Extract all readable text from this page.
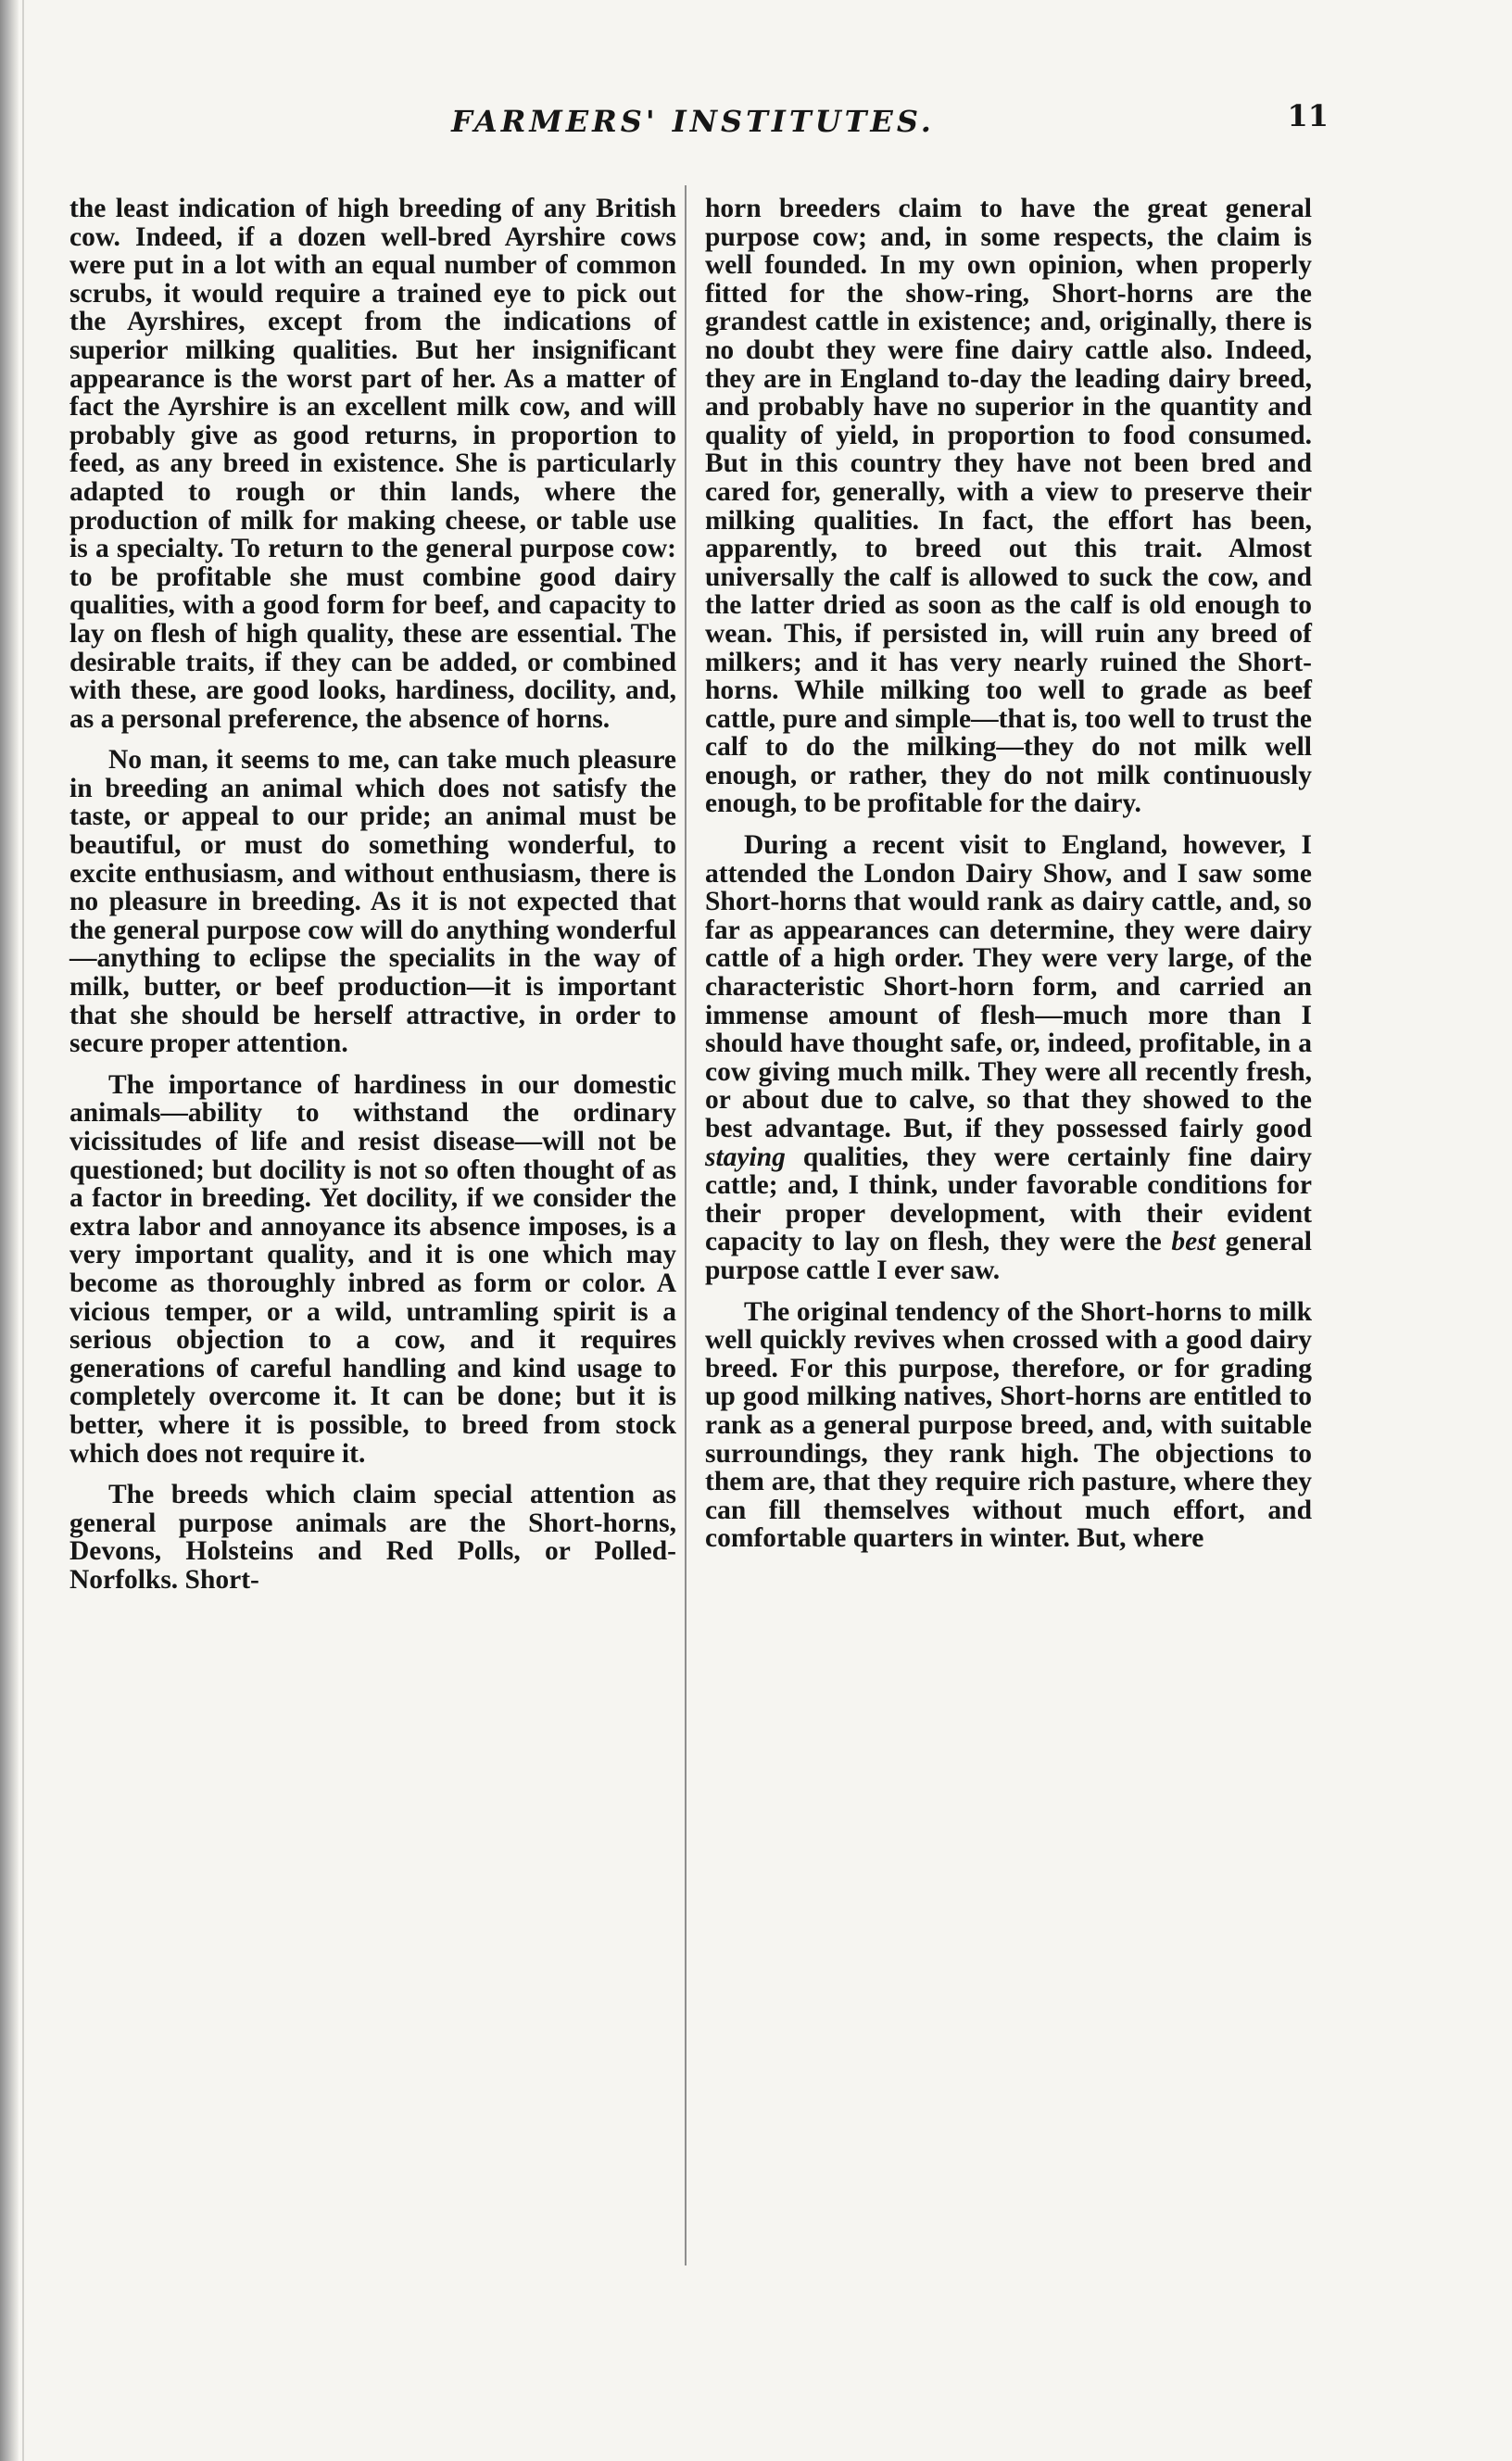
FARMERS' INSTITUTES.	11

the least indication of high breeding of any British cow. Indeed, if a dozen well-bred Ayrshire cows were put in a lot with an equal number of common scrubs, it would require a trained eye to pick out the Ayrshires, except from the indications of superior milking qualities. But her insignificant appearance is the worst part of her. As a matter of fact the Ayrshire is an excellent milk cow, and will probably give as good returns, in proportion to feed, as any breed in existence. She is particularly adapted to rough or thin lands, where the production of milk for making cheese, or table use is a specialty. To return to the general purpose cow: to be profitable she must combine good dairy qualities, with a good form for beef, and capacity to lay on flesh of high quality, these are essential. The desirable traits, if they can be added, or combined with these, are good looks, hardiness, docility, and, as a personal preference, the absence of horns.

No man, it seems to me, can take much pleasure in breeding an animal which does not satisfy the taste, or appeal to our pride; an animal must be beautiful, or must do something wonderful, to excite enthusiasm, and without enthusiasm, there is no pleasure in breeding. As it is not expected that the general purpose cow will do anything wonderful—anything to eclipse the specialits in the way of milk, butter, or beef production—it is important that she should be herself attractive, in order to secure proper attention.

The importance of hardiness in our domestic animals—ability to withstand the ordinary vicissitudes of life and resist disease—will not be questioned; but docility is not so often thought of as a factor in breeding. Yet docility, if we consider the extra labor and annoyance its absence imposes, is a very important quality, and it is one which may become as thoroughly inbred as form or color. A vicious temper, or a wild, untramling spirit is a serious objection to a cow, and it requires generations of careful handling and kind usage to completely overcome it. It can be done; but it is better, where it is possible, to breed from stock which does not require it.

The breeds which claim special attention as general purpose animals are the Short-horns, Devons, Holsteins and Red Polls, or Polled-Norfolks. Short-

horn breeders claim to have the great general purpose cow; and, in some respects, the claim is well founded. In my own opinion, when properly fitted for the show-ring, Short-horns are the grandest cattle in existence; and, originally, there is no doubt they were fine dairy cattle also. Indeed, they are in England to-day the leading dairy breed, and probably have no superior in the quantity and quality of yield, in proportion to food consumed. But in this country they have not been bred and cared for, generally, with a view to preserve their milking qualities. In fact, the effort has been, apparently, to breed out this trait. Almost universally the calf is allowed to suck the cow, and the latter dried as soon as the calf is old enough to wean. This, if persisted in, will ruin any breed of milkers; and it has very nearly ruined the Short-horns. While milking too well to grade as beef cattle, pure and simple—that is, too well to trust the calf to do the milking—they do not milk well enough, or rather, they do not milk continuously enough, to be profitable for the dairy.

During a recent visit to England, however, I attended the London Dairy Show, and I saw some Short-horns that would rank as dairy cattle, and, so far as appearances can determine, they were dairy cattle of a high order. They were very large, of the characteristic Short-horn form, and carried an immense amount of flesh—much more than I should have thought safe, or, indeed, profitable, in a cow giving much milk. They were all recently fresh, or about due to calve, so that they showed to the best advantage. But, if they possessed fairly good staying qualities, they were certainly fine dairy cattle; and, I think, under favorable conditions for their proper development, with their evident capacity to lay on flesh, they were the best general purpose cattle I ever saw.

The original tendency of the Short-horns to milk well quickly revives when crossed with a good dairy breed. For this purpose, therefore, or for grading up good milking natives, Short-horns are entitled to rank as a general purpose breed, and, with suitable surroundings, they rank high. The objections to them are, that they require rich pasture, where they can fill themselves without much effort, and comfortable quarters in winter. But, where
